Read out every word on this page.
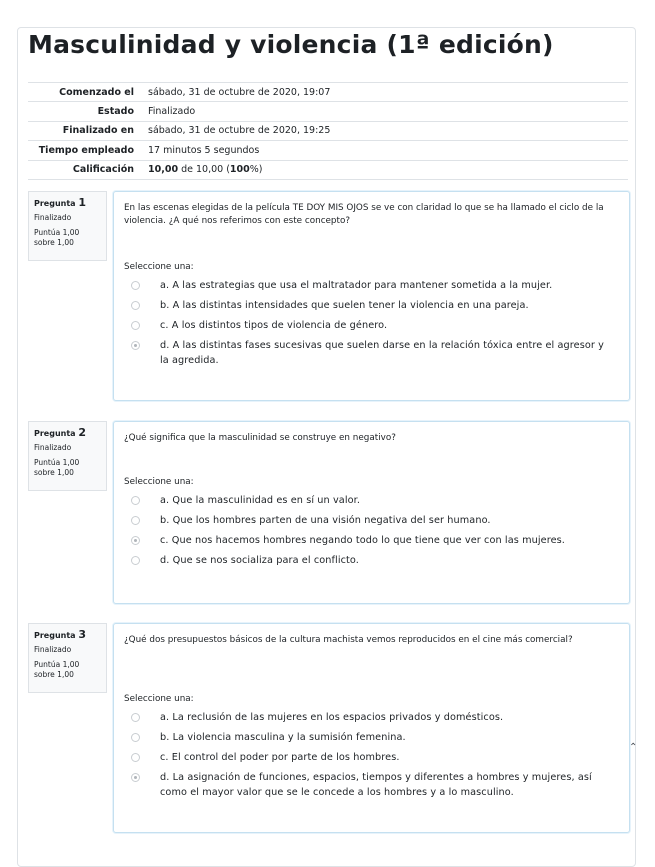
Masculinidad y violencia (1ª edición)
Comenzado el	sábado, 31 de octubre de 2020, 19:07
Estado	Finalizado
Finalizado en	sábado, 31 de octubre de 2020, 19:25
Tiempo empleado	17 minutos 5 segundos
Calificación	10,00 de 10,00 (100%)
Pregunta 1
Finalizado
Puntúa 1,00
sobre 1,00
En las escenas elegidas de la película TE DOY MIS OJOS se ve con claridad lo que se ha llamado el ciclo de la violencia. ¿A qué nos referimos con este concepto?
Seleccione una:
a. A las estrategias que usa el maltratador para mantener sometida a la mujer.
b. A las distintas intensidades que suelen tener la violencia en una pareja.
c. A los distintos tipos de violencia de género.
d. A las distintas fases sucesivas que suelen darse en la relación tóxica entre el agresor y la agredida.
Pregunta 2
Finalizado
Puntúa 1,00
sobre 1,00
¿Qué significa que la masculinidad se construye en negativo?
Seleccione una:
a. Que la masculinidad es en sí un valor.
b. Que los hombres parten de una visión negativa del ser humano.
c. Que nos hacemos hombres negando todo lo que tiene que ver con las mujeres.
d. Que se nos socializa para el conflicto.
Pregunta 3
Finalizado
Puntúa 1,00
sobre 1,00
¿Qué dos presupuestos básicos de la cultura machista vemos reproducidos en el cine más comercial?
Seleccione una:
a. La reclusión de las mujeres en los espacios privados y domésticos.
b. La violencia masculina y la sumisión femenina.
c. El control del poder por parte de los hombres.
d. La asignación de funciones, espacios, tiempos y diferentes a hombres y mujeres, así como el mayor valor que se le concede a los hombres y a lo masculino.
⌃
